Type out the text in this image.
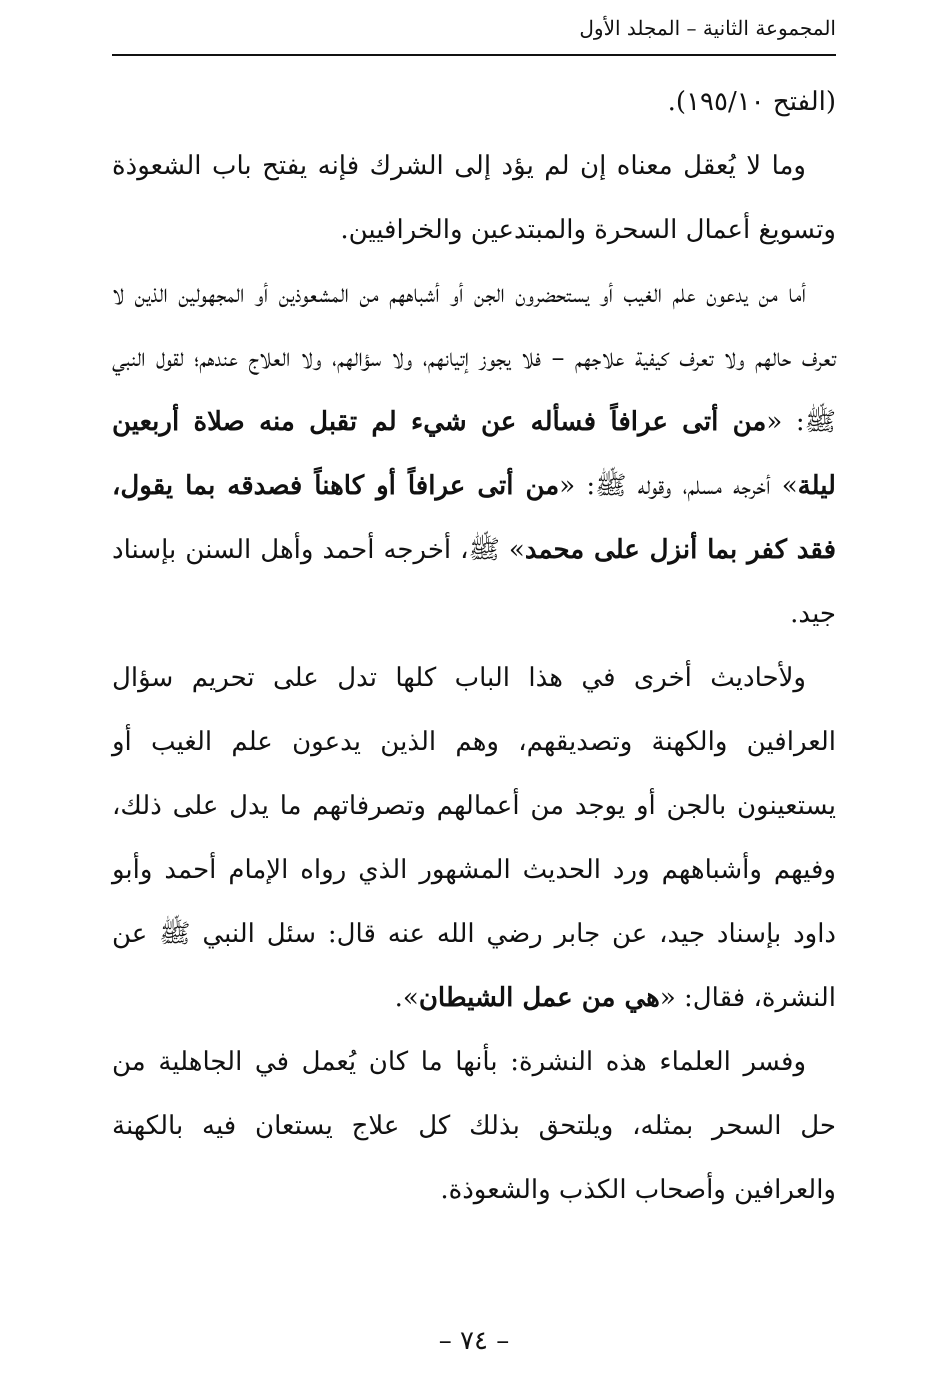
المجموعة الثانية – المجلد الأول

(الفتح ١٩٥/١٠).

وما لا يُعقل معناه إن لم يؤد إلى الشرك فإنه يفتح باب الشعوذة وتسويغ أعمال السحرة والمبتدعين والخرافيين.

أما من يدعون علم الغيب أو يستحضرون الجن أو أشباههم من المشعوذين أو المجهولين الذين لا تعرف حالهم ولا تعرف كيفية علاجهم – فلا يجوز إتيانهم، ولا سؤالهم، ولا العلاج عندهم؛ لقول النبي ﷺ: «من أتى عرافاً فسأله عن شيء لم تقبل منه صلاة أربعين ليلة» أخرجه مسلم، وقوله ﷺ: «من أتى عرافاً أو كاهناً فصدقه بما يقول، فقد كفر بما أنزل على محمد» ﷺ، أخرجه أحمد وأهل السنن بإسناد جيد.

ولأحاديث أخرى في هذا الباب كلها تدل على تحريم سؤال العرافين والكهنة وتصديقهم، وهم الذين يدعون علم الغيب أو يستعينون بالجن أو يوجد من أعمالهم وتصرفاتهم ما يدل على ذلك، وفيهم وأشباههم ورد الحديث المشهور الذي رواه الإمام أحمد وأبو داود بإسناد جيد، عن جابر رضي الله عنه قال: سئل النبي ﷺ عن النشرة، فقال: «هي من عمل الشيطان».

وفسر العلماء هذه النشرة: بأنها ما كان يُعمل في الجاهلية من حل السحر بمثله، ويلتحق بذلك كل علاج يستعان فيه بالكهنة والعرافين وأصحاب الكذب والشعوذة.

– ٧٤ –
